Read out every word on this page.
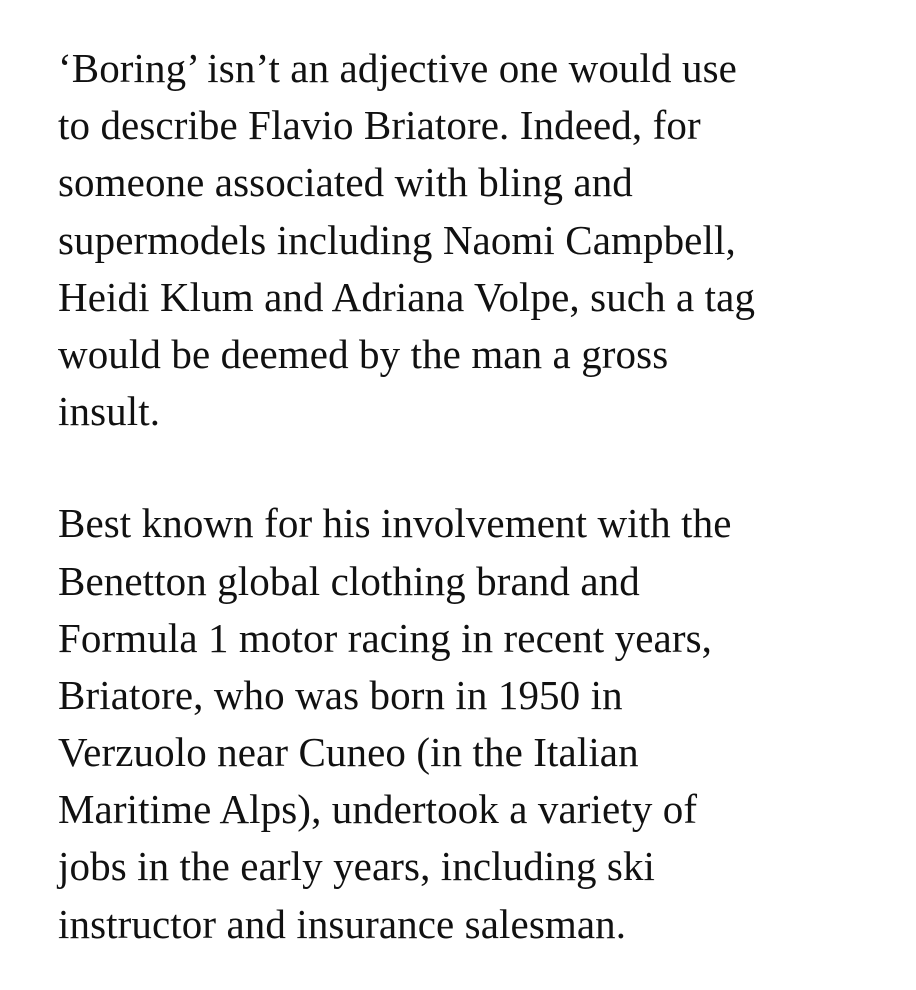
‘Boring’ isn’t an adjective one would use
to describe Flavio Briatore. Indeed, for
someone associated with bling and
supermodels including Naomi Campbell,
Heidi Klum and Adriana Volpe, such a tag
would be deemed by the man a gross
insult.

Best known for his involvement with the
Benetton global clothing brand and
Formula 1 motor racing in recent years,
Briatore, who was born in 1950 in
Verzuolo near Cuneo (in the Italian
Maritime Alps), undertook a variety of
jobs in the early years, including ski
instructor and insurance salesman.
